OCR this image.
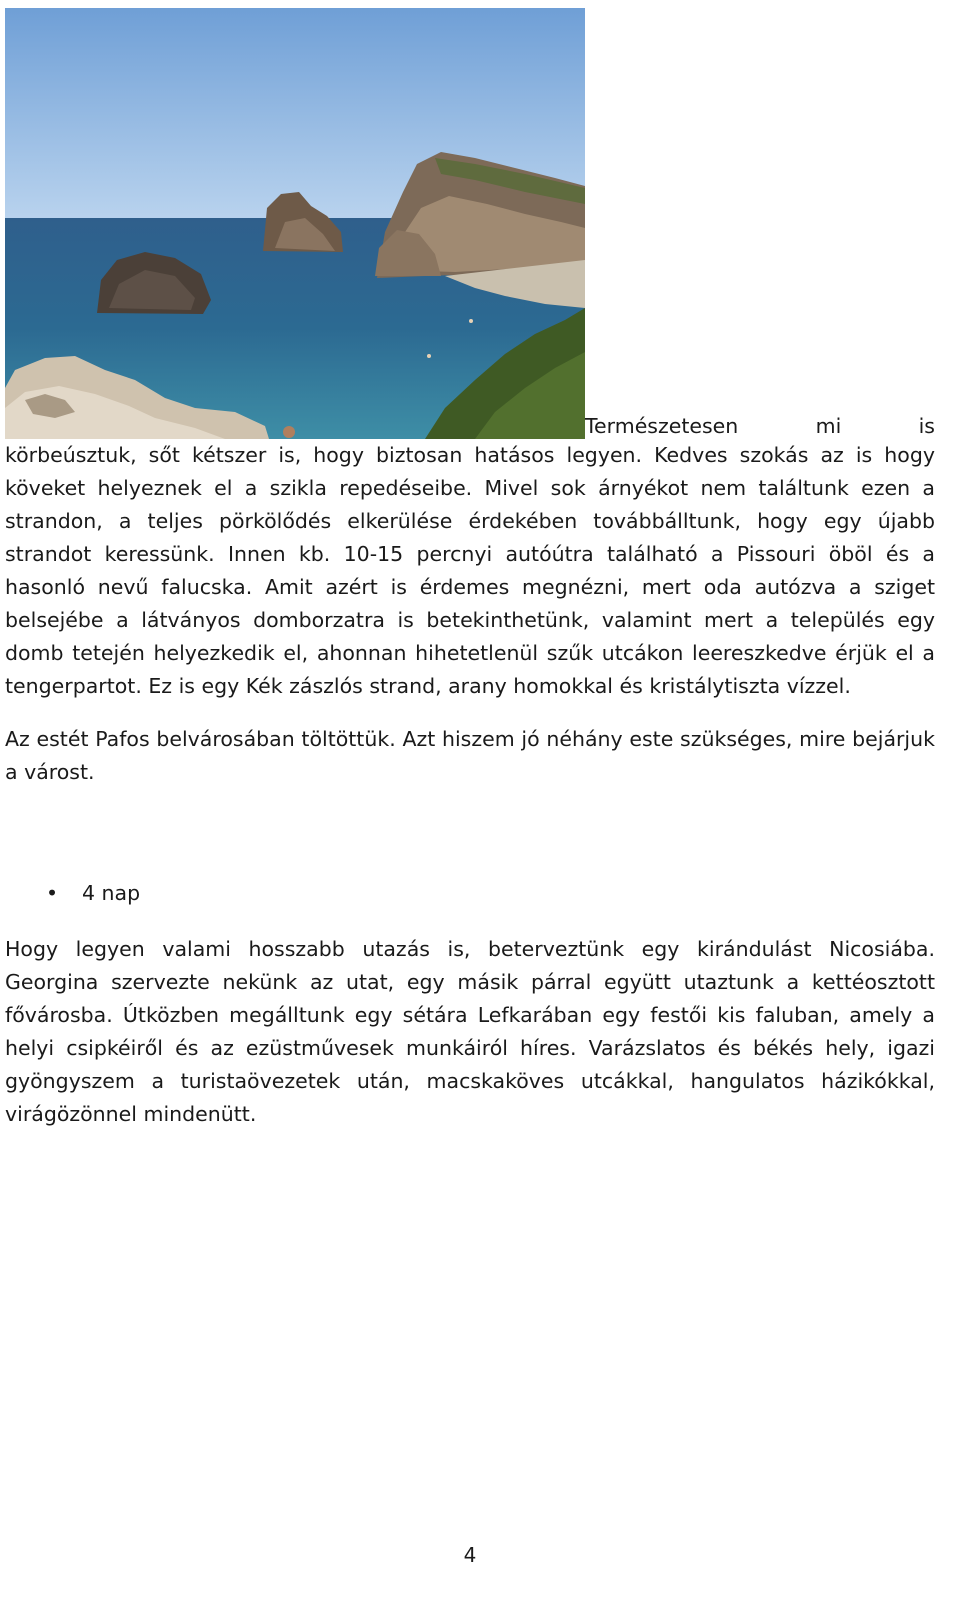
Természetesen	mi	is

körbeúsztuk, sőt kétszer is, hogy biztosan hatásos legyen. Kedves szokás az is hogy köveket helyeznek el a szikla repedéseibe. Mivel sok árnyékot nem találtunk ezen a strandon, a teljes pörkölődés elkerülése érdekében továbbálltunk, hogy egy újabb strandot keressünk. Innen kb. 10-15 percnyi autóútra található a Pissouri öböl és a hasonló nevű falucska. Amit azért is érdemes megnézni, mert oda autózva a sziget belsejébe a látványos domborzatra is betekinthetünk, valamint mert a település egy domb tetején helyezkedik el, ahonnan hihetetlenül szűk utcákon leereszkedve érjük el a tengerpartot. Ez is egy Kék zászlós strand, arany homokkal és kristálytiszta vízzel.

Az estét Pafos belvárosában töltöttük. Azt hiszem jó néhány este szükséges, mire bejárjuk a várost.

• 4 nap

Hogy legyen valami hosszabb utazás is, beterveztünk egy kirándulást Nicosiába. Georgina szervezte nekünk az utat, egy másik párral együtt utaztunk a kettéosztott fővárosba. Útközben megálltunk egy sétára Lefkarában egy festői kis faluban, amely a helyi csipkéiről és az ezüstművesek munkáiról híres. Varázslatos és békés hely, igazi gyöngyszem a turistaövezetek után, macskaköves utcákkal, hangulatos házikókkal, virágözönnel mindenütt.

4
